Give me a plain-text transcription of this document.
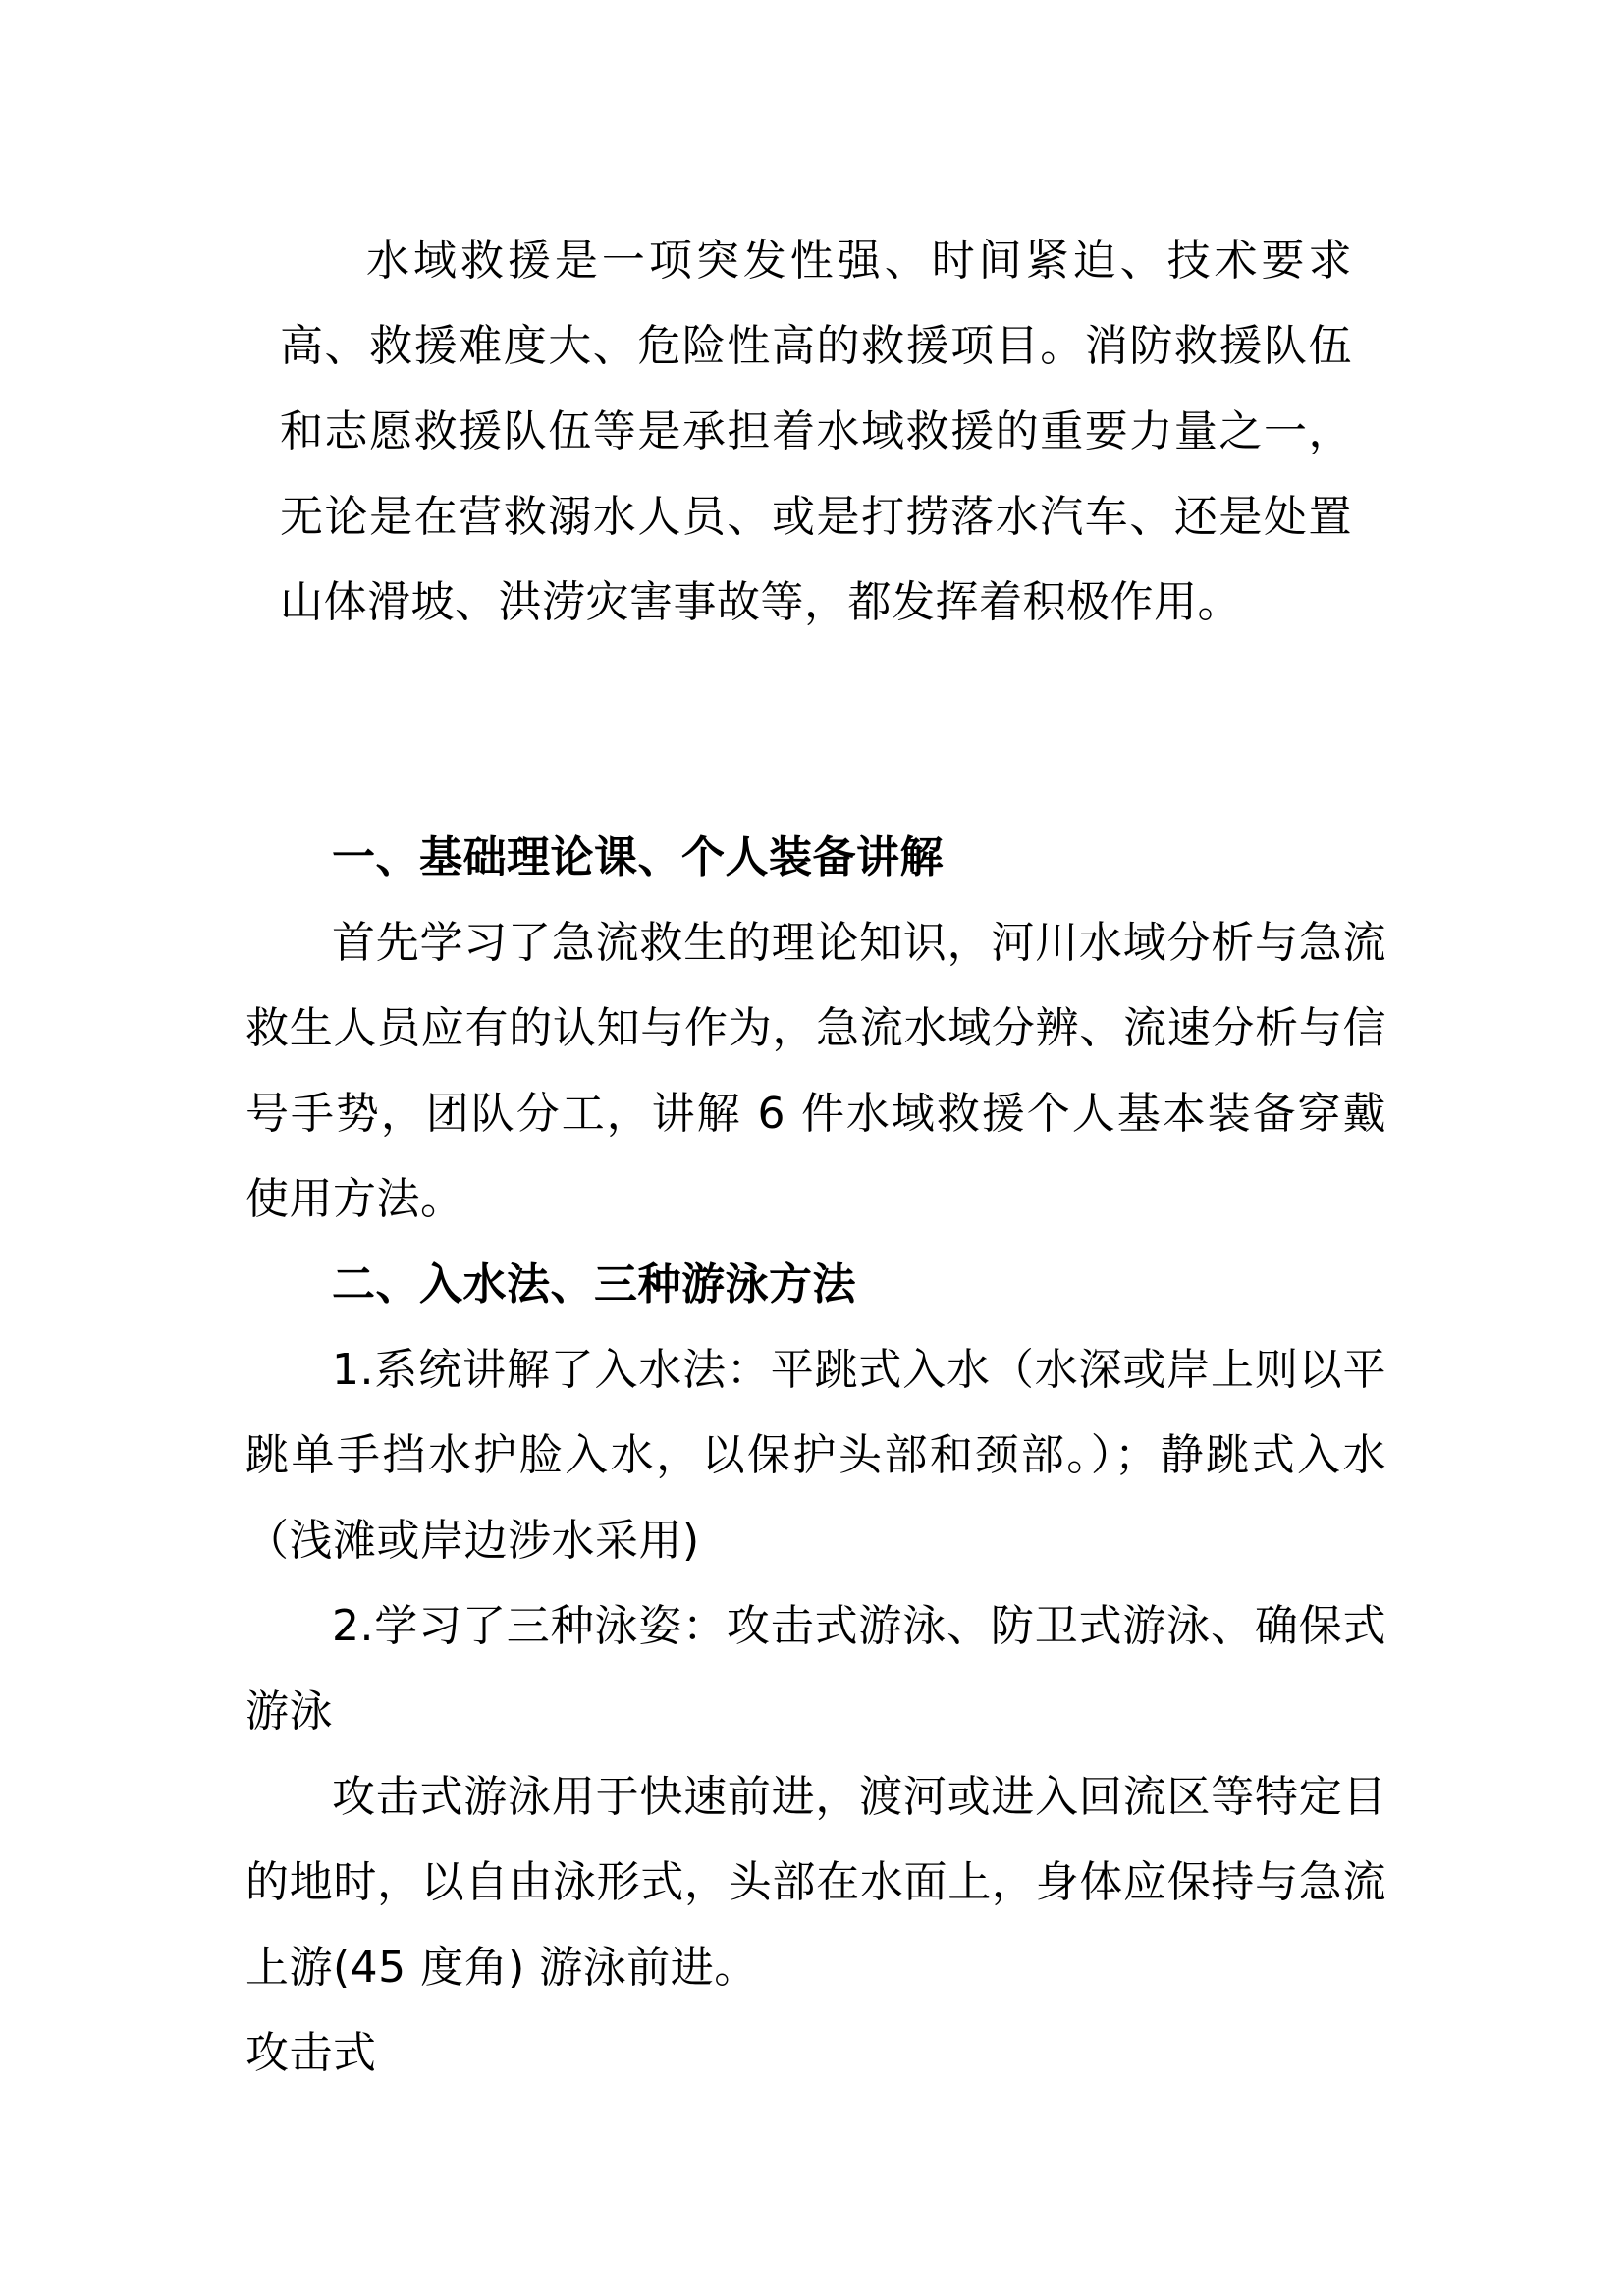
水域救援是一项突发性强、时间紧迫、技术要求高、救援难度大、危险性高的救援项目。消防救援队伍和志愿救援队伍等是承担着水域救援的重要力量之一，无论是在营救溺水人员、或是打捞落水汽车、还是处置山体滑坡、洪涝灾害事故等，都发挥着积极作用。

一、基础理论课、个人装备讲解

首先学习了急流救生的理论知识，河川水域分析与急流救生人员应有的认知与作为，急流水域分辨、流速分析与信号手势，团队分工，讲解 6 件水域救援个人基本装备穿戴使用方法。

二、入水法、三种游泳方法

1.系统讲解了入水法：平跳式入水（水深或岸上则以平跳单手挡水护脸入水，以保护头部和颈部。）；静跳式入水（浅滩或岸边涉水采用)

2.学习了三种泳姿：攻击式游泳、防卫式游泳、确保式游泳

攻击式游泳用于快速前进，渡河或进入回流区等特定目的地时，以自由泳形式，头部在水面上，身体应保持与急流上游(45 度角) 游泳前进。

攻击式
